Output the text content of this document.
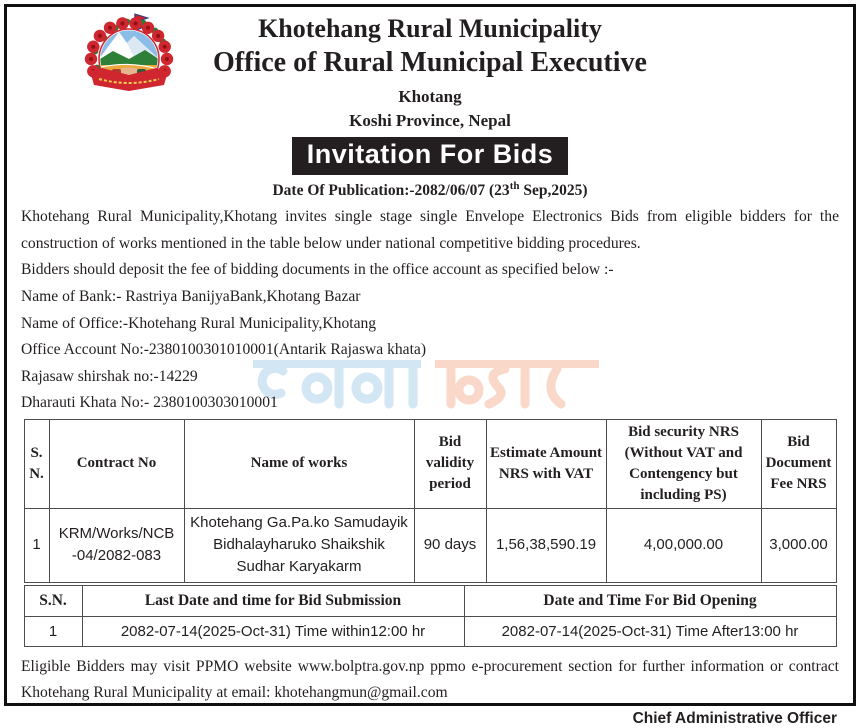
Khotehang Rural Municipality
Office of Rural Municipal Executive
Khotang
Koshi Province, Nepal
Invitation For Bids
Date Of Publication:-2082/06/07 (23th Sep,2025)
Khotehang Rural Municipality,Khotang invites single stage single Envelope Electronics Bids from eligible bidders for the construction of works mentioned in the table below under national competitive bidding procedures.
Bidders should deposit the fee of bidding documents in the office account as specified below :-
Name of Bank:- Rastriya BanijyaBank,Khotang Bazar
Name of Office:-Khotehang Rural Municipality,Khotang
Office Account No:-2380100301010001(Antarik Rajaswa khata)
Rajasaw shirshak no:-14229
Dharauti Khata No:- 2380100303010001
S. N.	Contract No	Name of works	Bid validity period	Estimate Amount NRS with VAT	Bid security NRS (Without VAT and Contengency but including PS)	Bid Document Fee NRS
1	KRM/Works/NCB -04/2082-083	Khotehang Ga.Pa.ko Samudayik Bidhalayharuko Shaikshik Sudhar Karyakarm	90 days	1,56,38,590.19	4,00,000.00	3,000.00
S.N.	Last Date and time for Bid Submission	Date and Time For Bid Opening
1	2082-07-14(2025-Oct-31) Time within12:00 hr	2082-07-14(2025-Oct-31) Time After13:00 hr
Eligible Bidders may visit PPMO website www.bolptra.gov.np ppmo e-procurement section for further information or contract Khotehang Rural Municipality at email: khotehangmun@gmail.com
Chief Administrative Officer
